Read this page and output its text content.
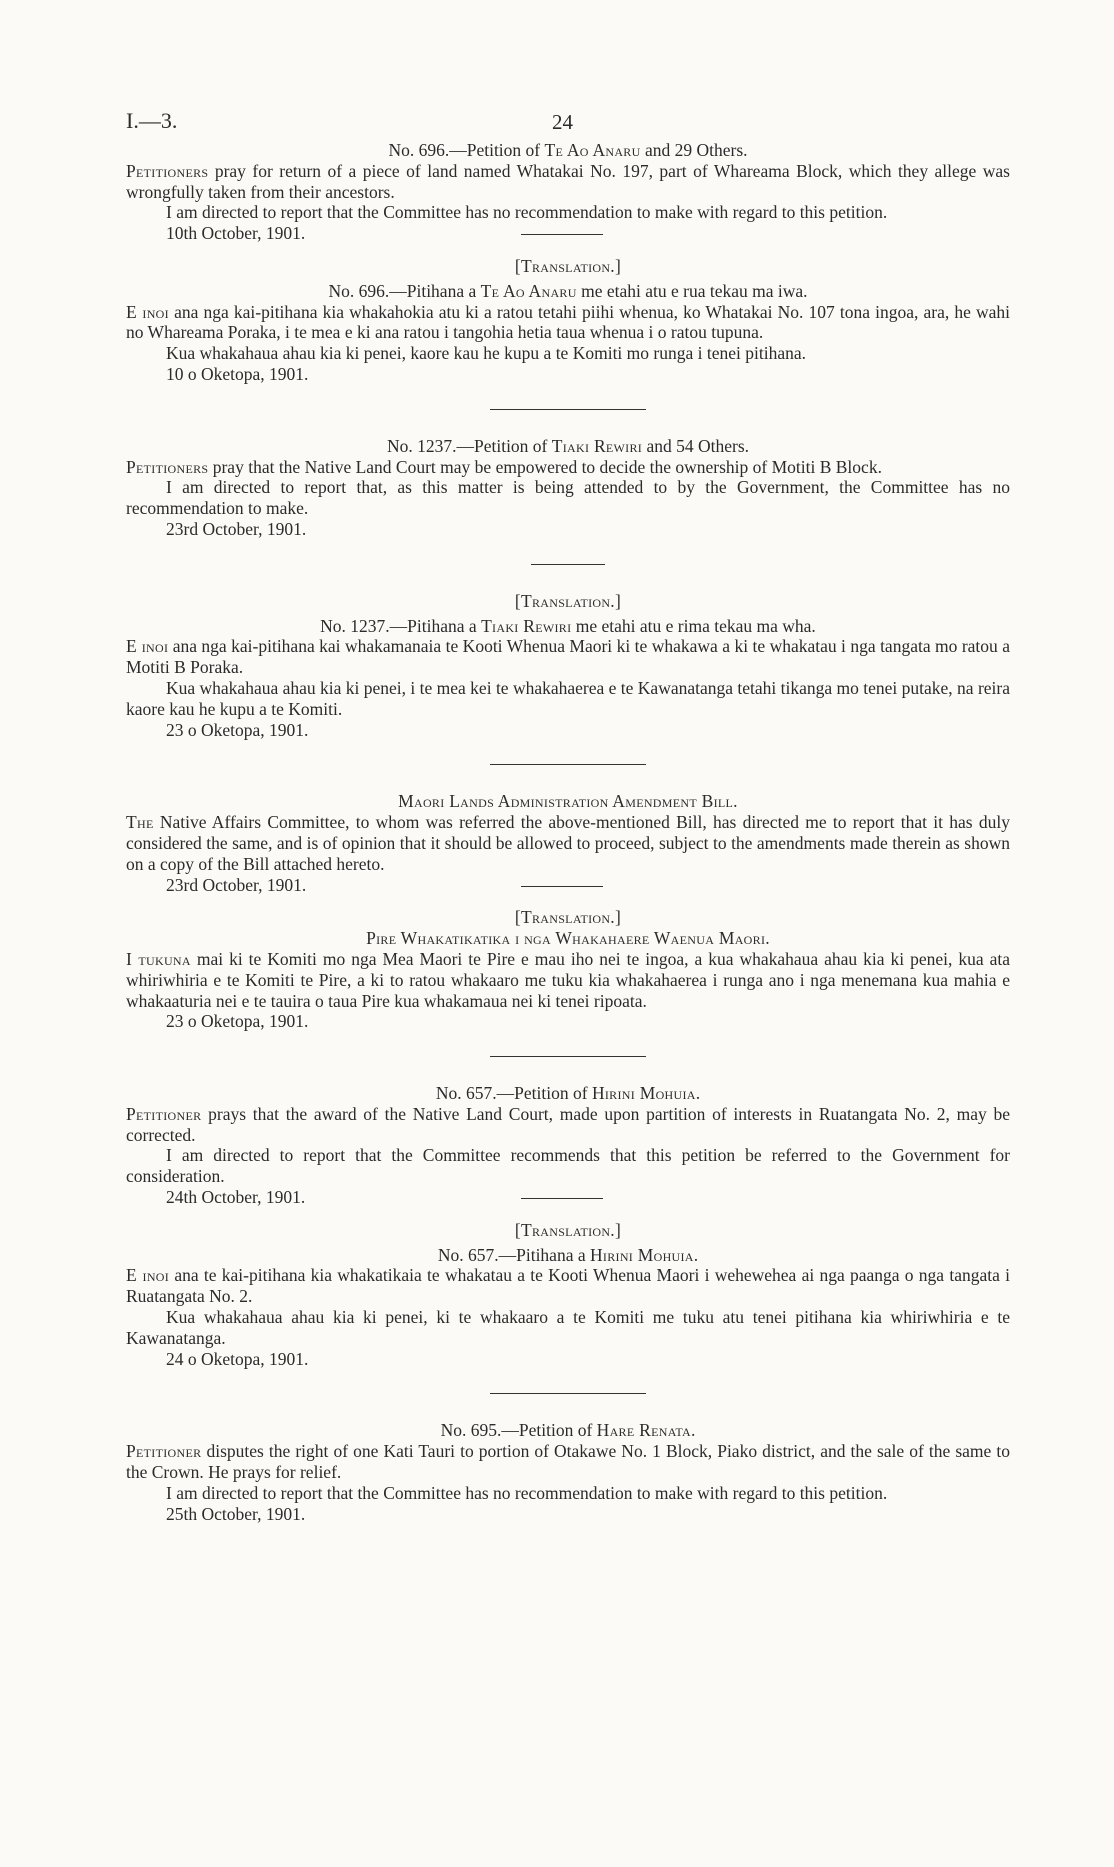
I.—3.	24

No. 696.—Petition of Te Ao Anaru and 29 Others.

Petitioners pray for return of a piece of land named Whatakai No. 197, part of Whareama Block, which they allege was wrongfully taken from their ancestors.

I am directed to report that the Committee has no recommendation to make with regard to this petition.

10th October, 1901.

[Translation.]

No. 696.—Pitihana a Te Ao Anaru me etahi atu e rua tekau ma iwa.

E inoi ana nga kai-pitihana kia whakahokia atu ki a ratou tetahi piihi whenua, ko Whatakai No. 107 tona ingoa, ara, he wahi no Whareama Poraka, i te mea e ki ana ratou i tangohia hetia taua whenua i o ratou tupuna.

Kua whakahaua ahau kia ki penei, kaore kau he kupu a te Komiti mo runga i tenei pitihana.

10 o Oketopa, 1901.

No. 1237.—Petition of Tiaki Rewiri and 54 Others.

Petitioners pray that the Native Land Court may be empowered to decide the ownership of Motiti B Block.

I am directed to report that, as this matter is being attended to by the Government, the Committee has no recommendation to make.

23rd October, 1901.

[Translation.]

No. 1237.—Pitihana a Tiaki Rewiri me etahi atu e rima tekau ma wha.

E inoi ana nga kai-pitihana kai whakamanaia te Kooti Whenua Maori ki te whakawa a ki te whakatau i nga tangata mo ratou a Motiti B Poraka.

Kua whakahaua ahau kia ki penei, i te mea kei te whakahaerea e te Kawanatanga tetahi tikanga mo tenei putake, na reira kaore kau he kupu a te Komiti.

23 o Oketopa, 1901.

Maori Lands Administration Amendment Bill.

The Native Affairs Committee, to whom was referred the above-mentioned Bill, has directed me to report that it has duly considered the same, and is of opinion that it should be allowed to proceed, subject to the amendments made therein as shown on a copy of the Bill attached hereto.

23rd October, 1901.

[Translation.]

Pire Whakatikatika i nga Whakahaere Waenua Maori.

I tukuna mai ki te Komiti mo nga Mea Maori te Pire e mau iho nei te ingoa, a kua whakahaua ahau kia ki penei, kua ata whiriwhiria e te Komiti te Pire, a ki to ratou whakaaro me tuku kia whakahaerea i runga ano i nga menemana kua mahia e whakaaturia nei e te tauira o taua Pire kua whakamaua nei ki tenei ripoata.

23 o Oketopa, 1901.

No. 657.—Petition of Hirini Mohuia.

Petitioner prays that the award of the Native Land Court, made upon partition of interests in Ruatangata No. 2, may be corrected.

I am directed to report that the Committee recommends that this petition be referred to the Government for consideration.

24th October, 1901.

[Translation.]

No. 657.—Pitihana a Hirini Mohuia.

E inoi ana te kai-pitihana kia whakatikaia te whakatau a te Kooti Whenua Maori i wehewehea ai nga paanga o nga tangata i Ruatangata No. 2.

Kua whakahaua ahau kia ki penei, ki te whakaaro a te Komiti me tuku atu tenei pitihana kia whiriwhiria e te Kawanatanga.

24 o Oketopa, 1901.

No. 695.—Petition of Hare Renata.

Petitioner disputes the right of one Kati Tauri to portion of Otakawe No. 1 Block, Piako district, and the sale of the same to the Crown. He prays for relief.

I am directed to report that the Committee has no recommendation to make with regard to this petition.

25th October, 1901.
